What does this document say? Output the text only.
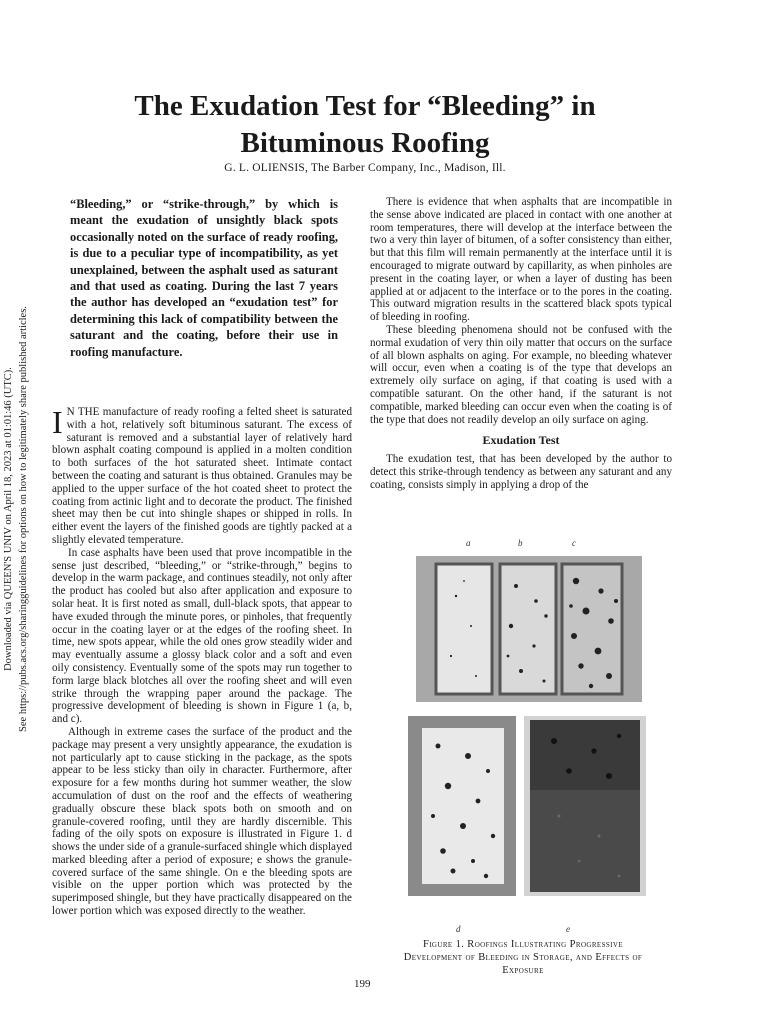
Downloaded via QUEEN'S UNIV on April 18, 2023 at 01:01:46 (UTC). See https://pubs.acs.org/sharingguidelines for options on how to legitimately share published articles.
The Exudation Test for “Bleeding” in
Bituminous Roofing
G. L. OLIENSIS, The Barber Company, Inc., Madison, Ill.
“Bleeding,” or “strike-through,” by which is meant the exudation of unsightly black spots occasionally noted on the surface of ready roofing, is due to a peculiar type of incompatibility, as yet unexplained, between the asphalt used as saturant and that used as coating. During the last 7 years the author has developed an “exudation test” for determining this lack of compatibility between the saturant and the coating, before their use in roofing manufacture.

I N THE manufacture of ready roofing a felted sheet is saturated with a hot, relatively soft bituminous saturant. The excess of saturant is removed and a substantial layer of relatively hard blown asphalt coating compound is applied in a molten condition to both surfaces of the hot saturated sheet. Intimate contact between the coating and saturant is thus obtained. Granules may be applied to the upper surface of the hot coated sheet to protect the coating from actinic light and to decorate the product. The finished sheet may then be cut into shingle shapes or shipped in rolls. In either event the layers of the finished goods are tightly packed at a slightly elevated temperature.

In case asphalts have been used that prove incompatible in the sense just described, “bleeding,” or “strike-through,” begins to develop in the warm package, and continues steadily, not only after the product has cooled but also after application and exposure to solar heat. It is first noted as small, dull-black spots, that appear to have exuded through the minute pores, or pinholes, that frequently occur in the coating layer or at the edges of the roofing sheet. In time, new spots appear, while the old ones grow steadily wider and may eventually assume a glossy black color and a soft and even oily consistency. Eventually some of the spots may run together to form large black blotches all over the roofing sheet and will even strike through the wrapping paper around the package. The progressive development of bleeding is shown in Figure 1 (a, b, and c).

Although in extreme cases the surface of the product and the package may present a very unsightly appearance, the exudation is not particularly apt to cause sticking in the package, as the spots appear to be less sticky than oily in character. Furthermore, after exposure for a few months during hot summer weather, the slow accumulation of dust on the roof and the effects of weathering gradually obscure these black spots both on smooth and on granule-covered roofing, until they are hardly discernible. This fading of the oily spots on exposure is illustrated in Figure 1. d shows the under side of a granule-surfaced shingle which displayed marked bleeding after a period of exposure; e shows the granule-covered surface of the same shingle. On e the bleeding spots are visible on the upper portion which was protected by the superimposed shingle, but they have practically disappeared on the lower portion which was exposed directly to the weather.

There is evidence that when asphalts that are incompatible in the sense above indicated are placed in contact with one another at room temperatures, there will develop at the interface between the two a very thin layer of bitumen, of a softer consistency than either, but that this film will remain permanently at the interface until it is encouraged to migrate outward by capillarity, as when pinholes are present in the coating layer, or when a layer of dusting has been applied at or adjacent to the interface or to the pores in the coating. This outward migration results in the scattered black spots typical of bleeding in roofing.

These bleeding phenomena should not be confused with the normal exudation of very thin oily matter that occurs on the surface of all blown asphalts on aging. For example, no bleeding whatever will occur, even when a coating is of the type that develops an extremely oily surface on aging, if that coating is used with a compatible saturant. On the other hand, if the saturant is not compatible, marked bleeding can occur even when the coating is of the type that does not readily develop an oily surface on aging.

Exudation Test

The exudation test, that has been developed by the author to detect this strike-through tendency as between any saturant and any coating, consists simply in applying a drop of the

a	b	c
d	e
Figure 1. Roofings Illustrating Progressive Development of Bleeding in Storage, and Effects of Exposure
199
